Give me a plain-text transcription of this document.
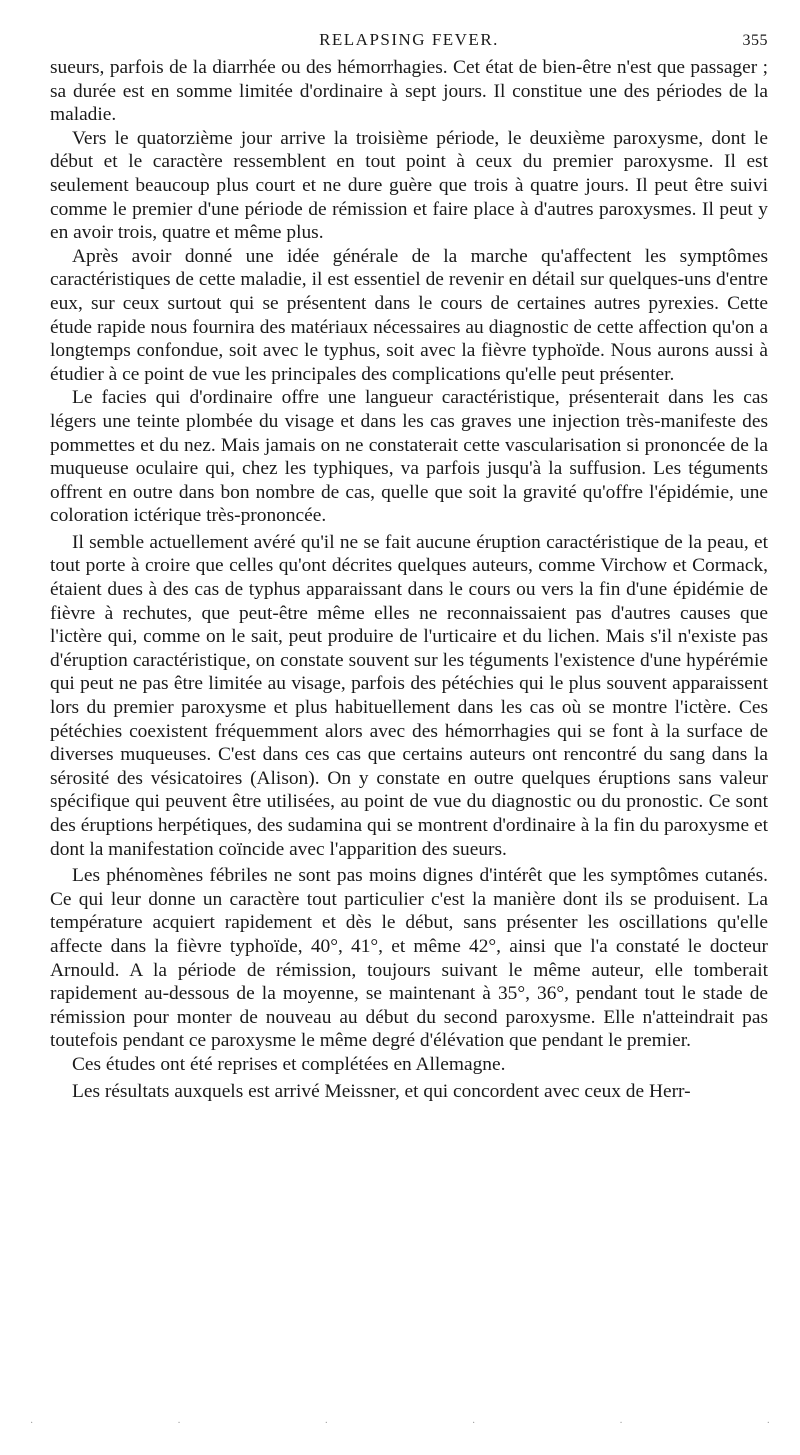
RELAPSING FEVER.	355

sueurs, parfois de la diarrhée ou des hémorrhagies. Cet état de bien-être n'est que passager ; sa durée est en somme limitée d'ordinaire à sept jours. Il constitue une des périodes de la maladie.

Vers le quatorzième jour arrive la troisième période, le deuxième paroxysme, dont le début et le caractère ressemblent en tout point à ceux du premier paroxysme. Il est seulement beaucoup plus court et ne dure guère que trois à quatre jours. Il peut être suivi comme le premier d'une période de rémission et faire place à d'autres paroxysmes. Il peut y en avoir trois, quatre et même plus.

Après avoir donné une idée générale de la marche qu'affectent les symptômes caractéristiques de cette maladie, il est essentiel de revenir en détail sur quelques-uns d'entre eux, sur ceux surtout qui se présentent dans le cours de certaines autres pyrexies. Cette étude rapide nous fournira des matériaux nécessaires au diagnostic de cette affection qu'on a longtemps confondue, soit avec le typhus, soit avec la fièvre typhoïde. Nous aurons aussi à étudier à ce point de vue les principales des complications qu'elle peut présenter.

Le facies qui d'ordinaire offre une langueur caractéristique, présenterait dans les cas légers une teinte plombée du visage et dans les cas graves une injection très-manifeste des pommettes et du nez. Mais jamais on ne constaterait cette vascularisation si prononcée de la muqueuse oculaire qui, chez les typhiques, va parfois jusqu'à la suffusion. Les téguments offrent en outre dans bon nombre de cas, quelle que soit la gravité qu'offre l'épidémie, une coloration ictérique très-prononcée.

Il semble actuellement avéré qu'il ne se fait aucune éruption caractéristique de la peau, et tout porte à croire que celles qu'ont décrites quelques auteurs, comme Virchow et Cormack, étaient dues à des cas de typhus apparaissant dans le cours ou vers la fin d'une épidémie de fièvre à rechutes, que peut-être même elles ne reconnaissaient pas d'autres causes que l'ictère qui, comme on le sait, peut produire de l'urticaire et du lichen. Mais s'il n'existe pas d'éruption caractéristique, on constate souvent sur les téguments l'existence d'une hypérémie qui peut ne pas être limitée au visage, parfois des pétéchies qui le plus souvent apparaissent lors du premier paroxysme et plus habituellement dans les cas où se montre l'ictère. Ces pétéchies coexistent fréquemment alors avec des hémorrhagies qui se font à la surface de diverses muqueuses. C'est dans ces cas que certains auteurs ont rencontré du sang dans la sérosité des vésicatoires (Alison). On y constate en outre quelques éruptions sans valeur spécifique qui peuvent être utilisées, au point de vue du diagnostic ou du pronostic. Ce sont des éruptions herpétiques, des sudamina qui se montrent d'ordinaire à la fin du paroxysme et dont la manifestation coïncide avec l'apparition des sueurs.

Les phénomènes fébriles ne sont pas moins dignes d'intérêt que les symptômes cutanés. Ce qui leur donne un caractère tout particulier c'est la manière dont ils se produisent. La température acquiert rapidement et dès le début, sans présenter les oscillations qu'elle affecte dans la fièvre typhoïde, 40°, 41°, et même 42°, ainsi que l'a constaté le docteur Arnould. A la période de rémission, toujours suivant le même auteur, elle tomberait rapidement au-dessous de la moyenne, se maintenant à 35°, 36°, pendant tout le stade de rémission pour monter de nouveau au début du second paroxysme. Elle n'atteindrait pas toutefois pendant ce paroxysme le même degré d'élévation que pendant le premier.

Ces études ont été reprises et complétées en Allemagne.

Les résultats auxquels est arrivé Meissner, et qui concordent avec ceux de Herr-

·	·	·	·	·	·
